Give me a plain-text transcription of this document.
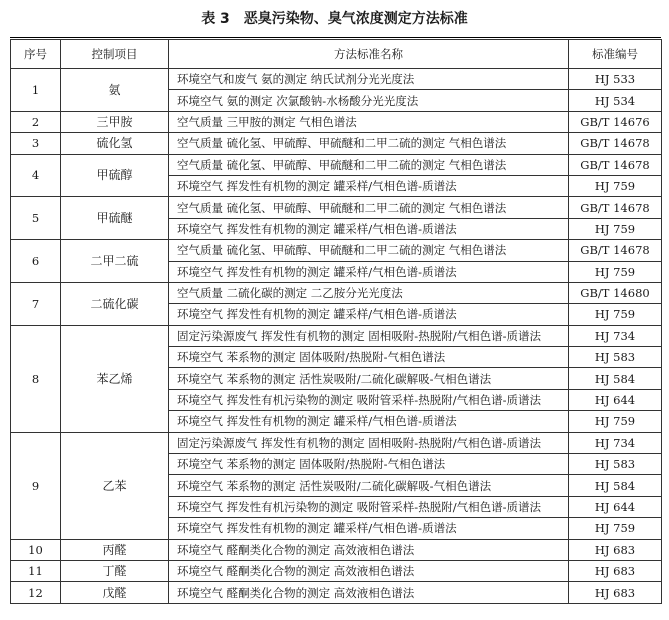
表 3　恶臭污染物、臭气浓度测定方法标准
序号	控制项目	方法标准名称	标准编号
1	氨	环境空气和废气 氨的测定 纳氏试剂分光光度法	HJ 533
		环境空气 氨的测定 次氯酸钠-水杨酸分光光度法	HJ 534
2	三甲胺	空气质量 三甲胺的测定 气相色谱法	GB/T 14676
3	硫化氢	空气质量 硫化氢、甲硫醇、甲硫醚和二甲二硫的测定 气相色谱法	GB/T 14678
4	甲硫醇	空气质量 硫化氢、甲硫醇、甲硫醚和二甲二硫的测定 气相色谱法	GB/T 14678
		环境空气 挥发性有机物的测定 罐采样/气相色谱-质谱法	HJ 759
5	甲硫醚	空气质量 硫化氢、甲硫醇、甲硫醚和二甲二硫的测定 气相色谱法	GB/T 14678
		环境空气 挥发性有机物的测定 罐采样/气相色谱-质谱法	HJ 759
6	二甲二硫	空气质量 硫化氢、甲硫醇、甲硫醚和二甲二硫的测定 气相色谱法	GB/T 14678
		环境空气 挥发性有机物的测定 罐采样/气相色谱-质谱法	HJ 759
7	二硫化碳	空气质量 二硫化碳的测定 二乙胺分光光度法	GB/T 14680
		环境空气 挥发性有机物的测定 罐采样/气相色谱-质谱法	HJ 759
8	苯乙烯	固定污染源废气 挥发性有机物的测定 固相吸附-热脱附/气相色谱-质谱法	HJ 734
		环境空气 苯系物的测定 固体吸附/热脱附-气相色谱法	HJ 583
		环境空气 苯系物的测定 活性炭吸附/二硫化碳解吸-气相色谱法	HJ 584
		环境空气 挥发性有机污染物的测定 吸附管采样-热脱附/气相色谱-质谱法	HJ 644
		环境空气 挥发性有机物的测定 罐采样/气相色谱-质谱法	HJ 759
9	乙苯	固定污染源废气 挥发性有机物的测定 固相吸附-热脱附/气相色谱-质谱法	HJ 734
		环境空气 苯系物的测定 固体吸附/热脱附-气相色谱法	HJ 583
		环境空气 苯系物的测定 活性炭吸附/二硫化碳解吸-气相色谱法	HJ 584
		环境空气 挥发性有机污染物的测定 吸附管采样-热脱附/气相色谱-质谱法	HJ 644
		环境空气 挥发性有机物的测定 罐采样/气相色谱-质谱法	HJ 759
10	丙醛	环境空气 醛酮类化合物的测定 高效液相色谱法	HJ 683
11	丁醛	环境空气 醛酮类化合物的测定 高效液相色谱法	HJ 683
12	戊醛	环境空气 醛酮类化合物的测定 高效液相色谱法	HJ 683
